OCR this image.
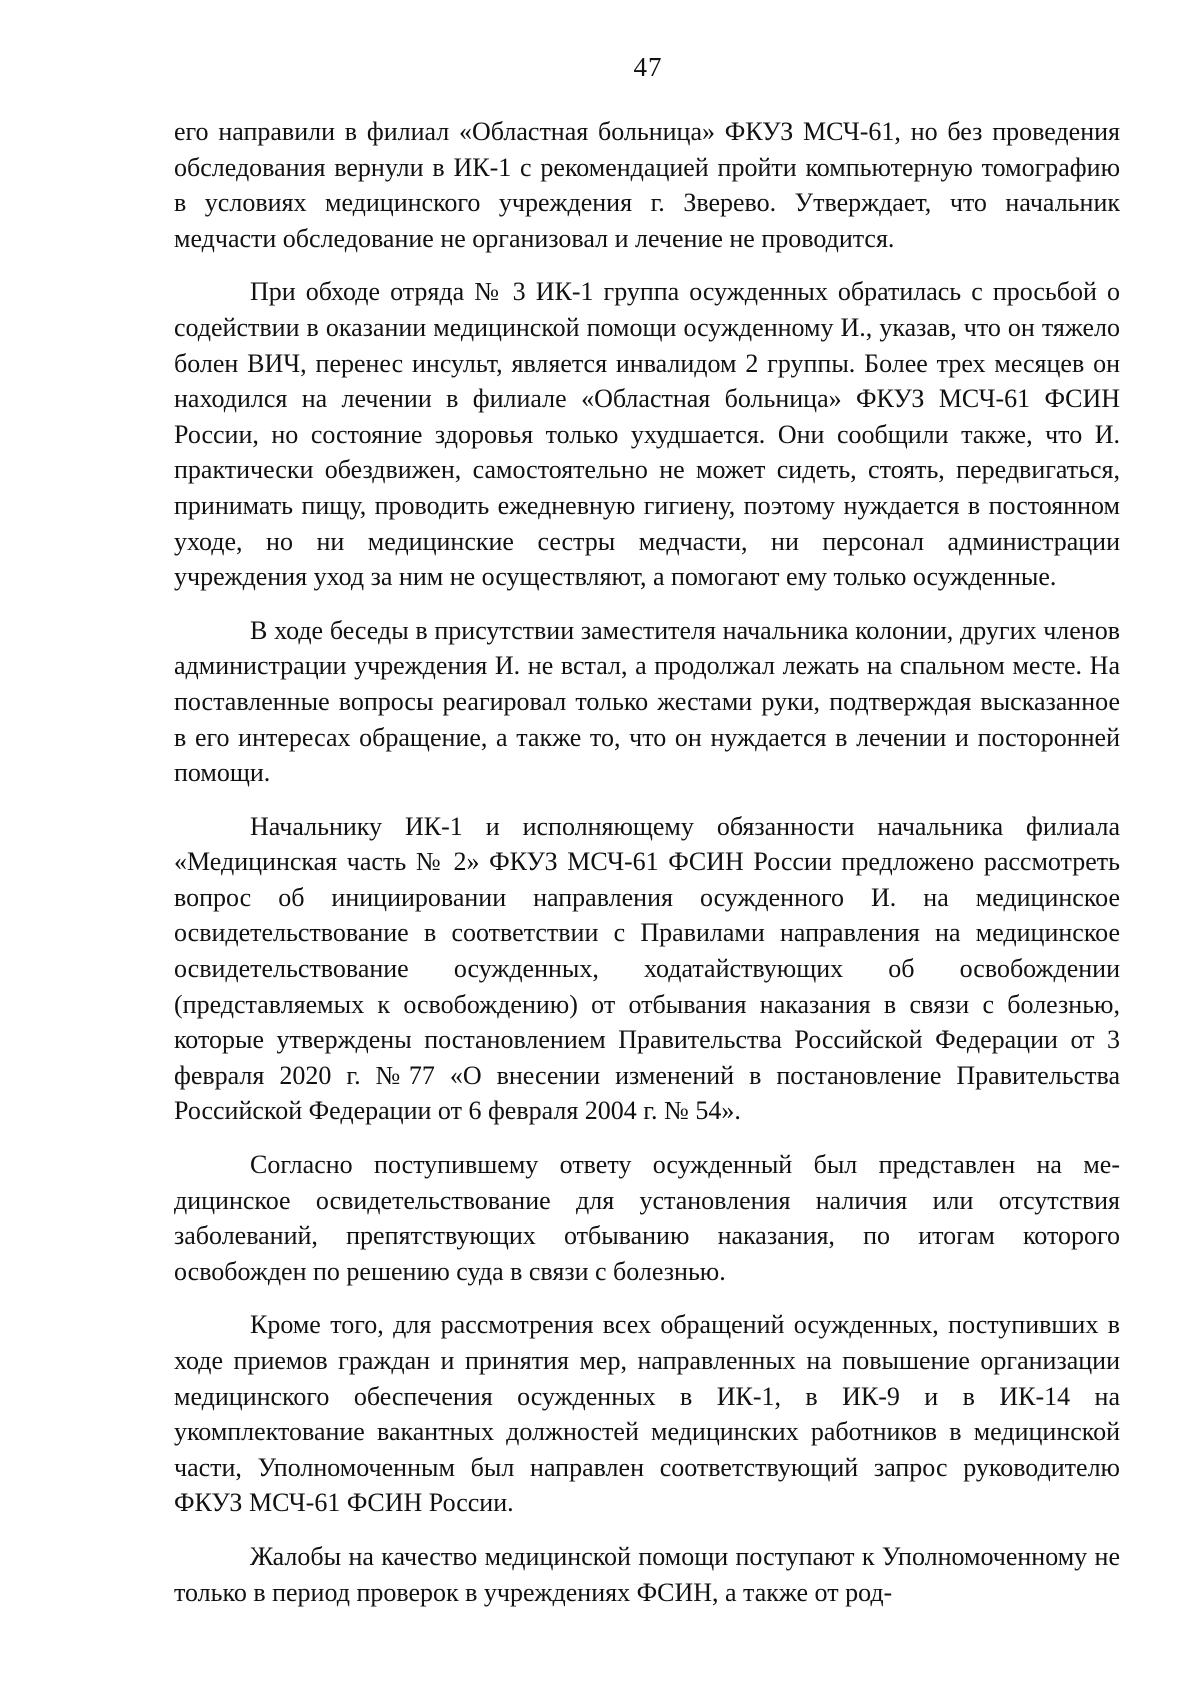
47

его направили в филиал «Областная больница» ФКУЗ МСЧ-61, но без проведения обследования вернули в ИК-1 с рекомендацией пройти компьютерную томографию в условиях медицинского учреждения г. Зверево. Утверждает, что начальник медчасти обследование не организовал и лечение не проводится.

При обходе отряда № 3 ИК-1 группа осужденных обратилась с просьбой о содействии в оказании медицинской помощи осужденному И., указав, что он тяжело болен ВИЧ, перенес инсульт, является инвалидом 2 группы. Более трех месяцев он находился на лечении в филиале «Областная больница» ФКУЗ МСЧ-61 ФСИН России, но состояние здоровья только ухудшается. Они сообщили также, что И. практически обездвижен, самостоятельно не может сидеть, стоять, передвигаться, принимать пищу, проводить ежедневную гигиену, поэтому нуждается в постоянном уходе, но ни медицинские сестры медчасти, ни персонал администрации учреждения уход за ним не осуществляют, а помогают ему только осужденные.

В ходе беседы в присутствии заместителя начальника колонии, других членов администрации учреждения И. не встал, а продолжал лежать на спальном месте. На поставленные вопросы реагировал только жестами руки, подтверждая высказанное в его интересах обращение, а также то, что он нуждается в лечении и посторонней помощи.

Начальнику ИК-1 и исполняющему обязанности начальника филиала «Медицинская часть № 2» ФКУЗ МСЧ-61 ФСИН России предложено рассмотреть вопрос об инициировании направления осужденного И. на медицинское освидетельствование в соответствии с Правилами направления на медицинское освидетельствование осужденных, ходатайствующих об освобождении (представляемых к освобождению) от отбывания наказания в связи с болезнью, которые утверждены постановлением Правительства Российской Федерации от 3 февраля 2020 г. №77 «О внесении изменений в постановление Правительства Российской Федерации от 6 февраля 2004 г. № 54».

Согласно поступившему ответу осужденный был представлен на медицинское освидетельствование для установления наличия или отсутствия заболеваний, препятствующих отбыванию наказания, по итогам которого освобожден по решению суда в связи с болезнью.

Кроме того, для рассмотрения всех обращений осужденных, поступивших в ходе приемов граждан и принятия мер, направленных на повышение организации медицинского обеспечения осужденных в ИК-1, в ИК-9 и в ИК-14 на укомплектование вакантных должностей медицинских работников в медицинской части, Уполномоченным был направлен соответствующий запрос руководителю ФКУЗ МСЧ-61 ФСИН России.

Жалобы на качество медицинской помощи поступают к Уполномоченному не только в период проверок в учреждениях ФСИН, а также от род-
